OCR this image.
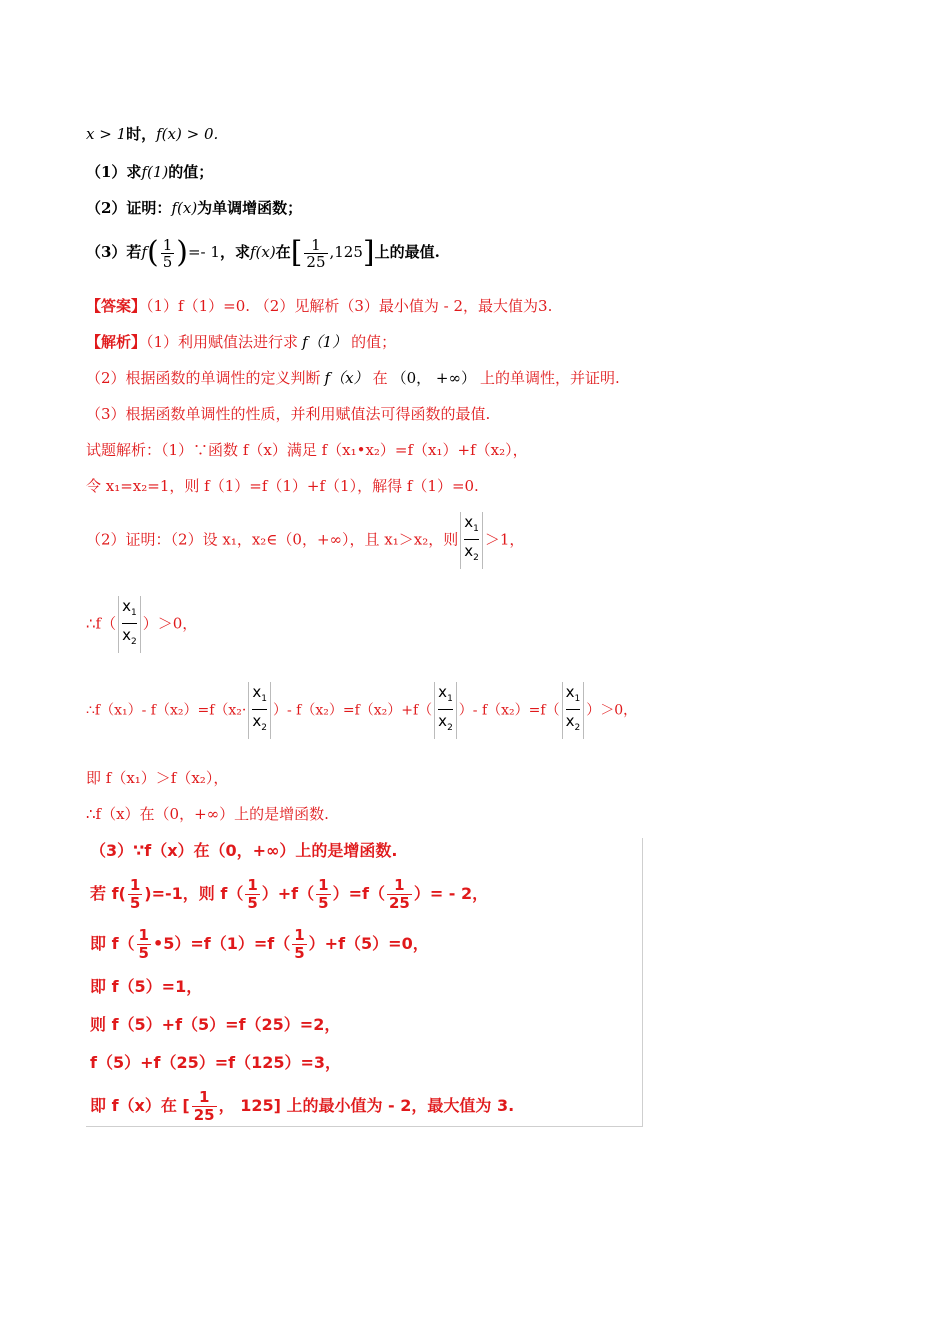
x > 1时，f(x) > 0.
（1）求f(1)的值；
（2）证明：f(x)为单调增函数；
（3）若$f( \frac{1}{5}$ )=- 1，求f(x)在[ $\frac{1}{25} ,125$]上的最值.
【答案】（1）f（1）=0. （2）见解析（3）最小值为 - 2，最大值为3.
【解析】（1）利用赋值法进行求 f（1） 的值；
（2）根据函数的单调性的定义判断 f（x） 在 （0， +∞） 上的单调性，并证明.
（3）根据函数单调性的性质，并利用赋值法可得函数的最值.
试题解析：（1）∵函数 f（x）满足 f（x₁•x₂）=f（x₁）+f（x₂），
令 x₁=x₂=1，则 f（1）=f（1）+f（1），解得 f（1）=0.
（2）证明：（2）设 x₁，x₂∈（0，+∞），且 x₁＞x₂，则 $\frac{x_1}{x_2} >1$，
∴f（ $\frac{x_1}{x_2} )>0$，
∴f（x₁）- $f(x_2)=f(x_2\cdot \frac{x_1}{x_2}$ ）- $f(x_2)=f(x_2)+f( \frac{x_1}{x_2}$ ）- $f(x_2)=f( \frac{x_1}{x_2} )>0$，
即 f（x₁）＞f（x₂），
∴f（x）在（0，+∞）上的是增函数.
（3）∵f（x）在（0，+∞）上的是增函数.
若 $f( \frac{1}{5} )=-1$，则 $f( \frac{1}{5} )+f( \frac{1}{5} )=f( \frac{1}{25}$ ）= - 2，
即 $f( \frac{1}{5}$ •5）=f（1）=f（ $\frac{1}{5} )+f(5)=0$，
即 f（5）=1，
则 f（5）+f（5）=f（25）=2，
f（5）+f（25）=f（125）=3，
即 f（x）在 [ $\frac{1}{25}$ ， 125] 上的最小值为 - 2，最大值为 3.
